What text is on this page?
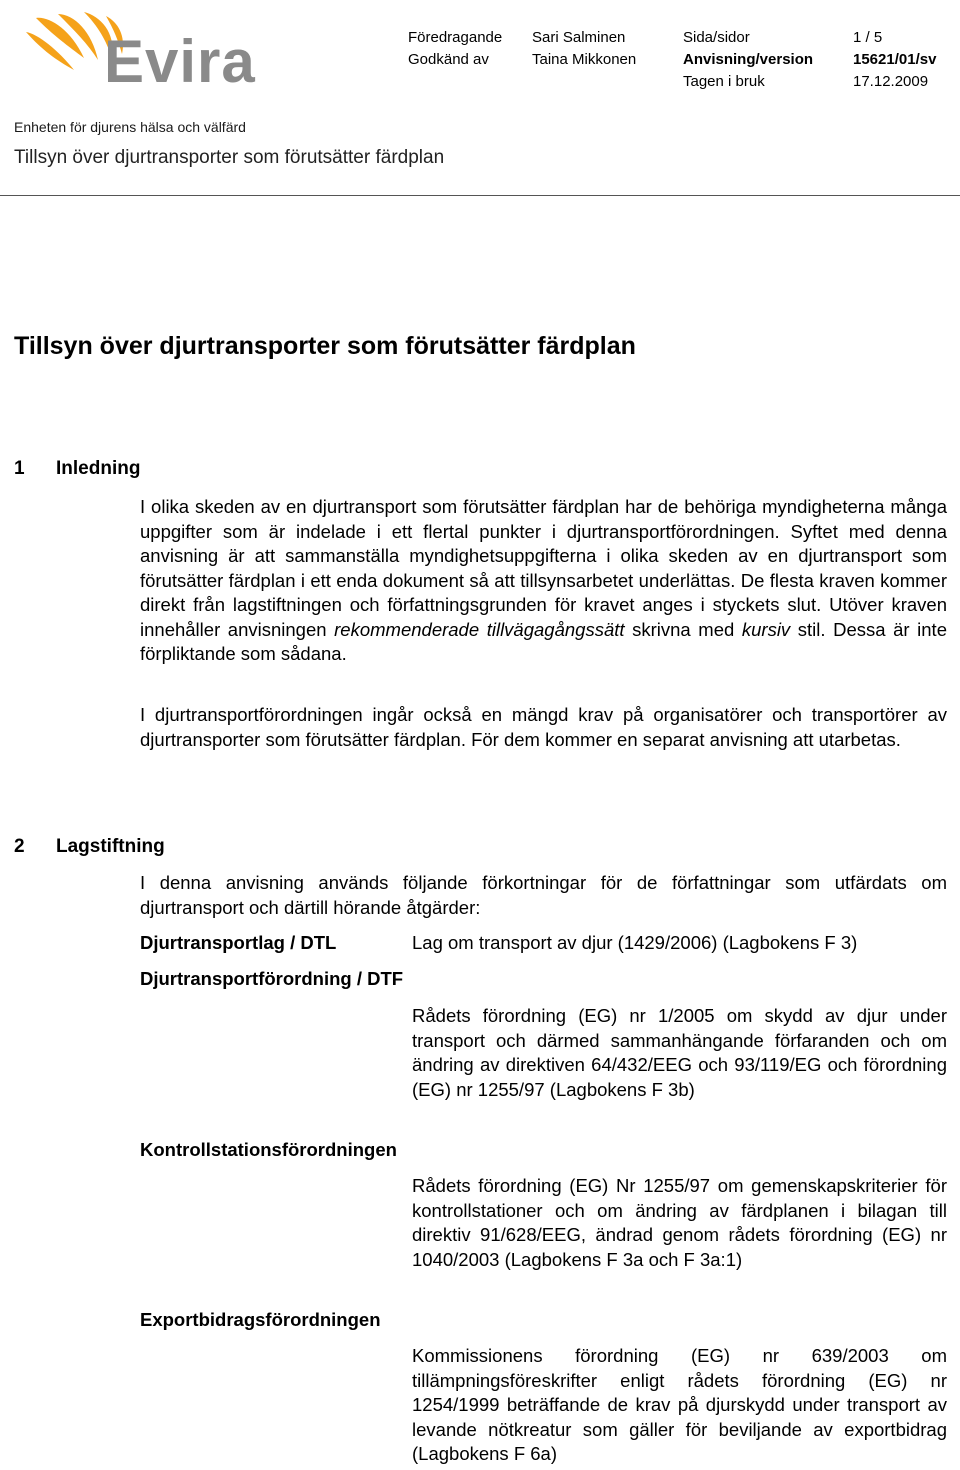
Evira	Föredragande Sari Salminen	Sida/sidor	1 / 5
Godkänd av	Taina Mikkonen	Anvisning/version	15621/01/sv
Tagen i bruk	17.12.2009
Enheten för djurens hälsa och välfärd
Tillsyn över djurtransporter som förutsätter färdplan
Tillsyn över djurtransporter som förutsätter färdplan
1 Inledning
I olika skeden av en djurtransport som förutsätter färdplan har de behöriga myndigheterna många uppgifter som är indelade i ett flertal punkter i djurtransportförordningen. Syftet med denna anvisning är att sammanställa myndighetsuppgifterna i olika skeden av en djurtransport som förutsätter färdplan i ett enda dokument så att tillsynsarbetet underlättas. De flesta kraven kommer direkt från lagstiftningen och författningsgrunden för kravet anges i styckets slut. Utöver kraven innehåller anvisningen rekommenderade tillvägagångssätt skrivna med kursiv stil. Dessa är inte förpliktande som sådana.
I djurtransportförordningen ingår också en mängd krav på organisatörer och transportörer av djurtransporter som förutsätter färdplan. För dem kommer en separat anvisning att utarbetas.
2 Lagstiftning
I denna anvisning används följande förkortningar för de författningar som utfärdats om djurtransport och därtill hörande åtgärder:
Djurtransportlag / DTL	Lag om transport av djur (1429/2006) (Lagbokens F 3)
Djurtransportförordning / DTF
Rådets förordning (EG) nr 1/2005 om skydd av djur under transport och därmed sammanhängande förfaranden och om ändring av direktiven 64/432/EEG och 93/119/EG och förordning (EG) nr 1255/97 (Lagbokens F 3b)
Kontrollstationsförordningen
Rådets förordning (EG) Nr 1255/97 om gemenskapskriterier för kontrollstationer och om ändring av färdplanen i bilagan till direktiv 91/628/EEG, ändrad genom rådets förordning (EG) nr 1040/2003 (Lagbokens F 3a och F 3a:1)
Exportbidragsförordningen
Kommissionens förordning (EG) nr 639/2003 om tillämpningsföreskrifter enligt rådets förordning (EG) nr 1254/1999 beträffande de krav på djurskydd under transport av levande nötkreatur som gäller för beviljande av exportbidrag (Lagbokens F 6a)
